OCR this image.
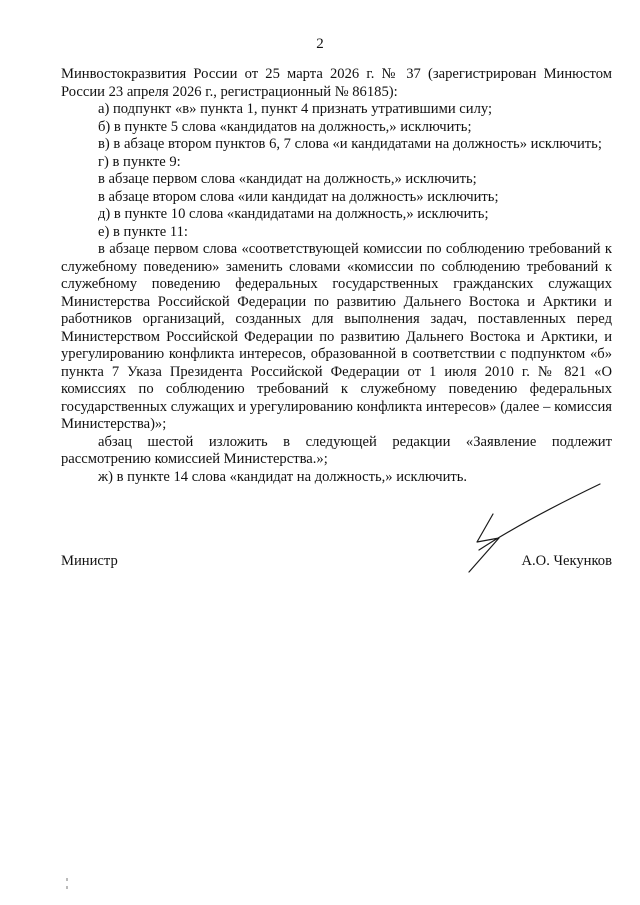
2

Минвостокразвития России от 25 марта 2026 г. № 37 (зарегистрирован Минюстом России 23 апреля 2026 г., регистрационный № 86185):

а) подпункт «в» пункта 1, пункт 4 признать утратившими силу;

б) в пункте 5 слова «кандидатов на должность,» исключить;

в) в абзаце втором пунктов 6, 7 слова «и кандидатами на должность» исключить;

г) в пункте 9:

в абзаце первом слова «кандидат на должность,» исключить;

в абзаце втором слова «или кандидат на должность» исключить;

д) в пункте 10 слова «кандидатами на должность,» исключить;

е) в пункте 11:

в абзаце первом слова «соответствующей комиссии по соблюдению требований к служебному поведению» заменить словами «комиссии по соблюдению требований к служебному поведению федеральных государственных гражданских служащих Министерства Российской Федерации по развитию Дальнего Востока и Арктики и работников организаций, созданных для выполнения задач, поставленных перед Министерством Российской Федерации по развитию Дальнего Востока и Арктики, и урегулированию конфликта интересов, образованной в соответствии с подпунктом «б» пункта 7 Указа Президента Российской Федерации от 1 июля 2010 г. № 821 «О комиссиях по соблюдению требований к служебному поведению федеральных государственных служащих и урегулированию конфликта интересов» (далее – комиссия Министерства)»;

абзац шестой изложить в следующей редакции «Заявление подлежит рассмотрению комиссией Министерства.»;

ж) в пункте 14 слова «кандидат на должность,» исключить.

Министр	А.О. Чекунков
